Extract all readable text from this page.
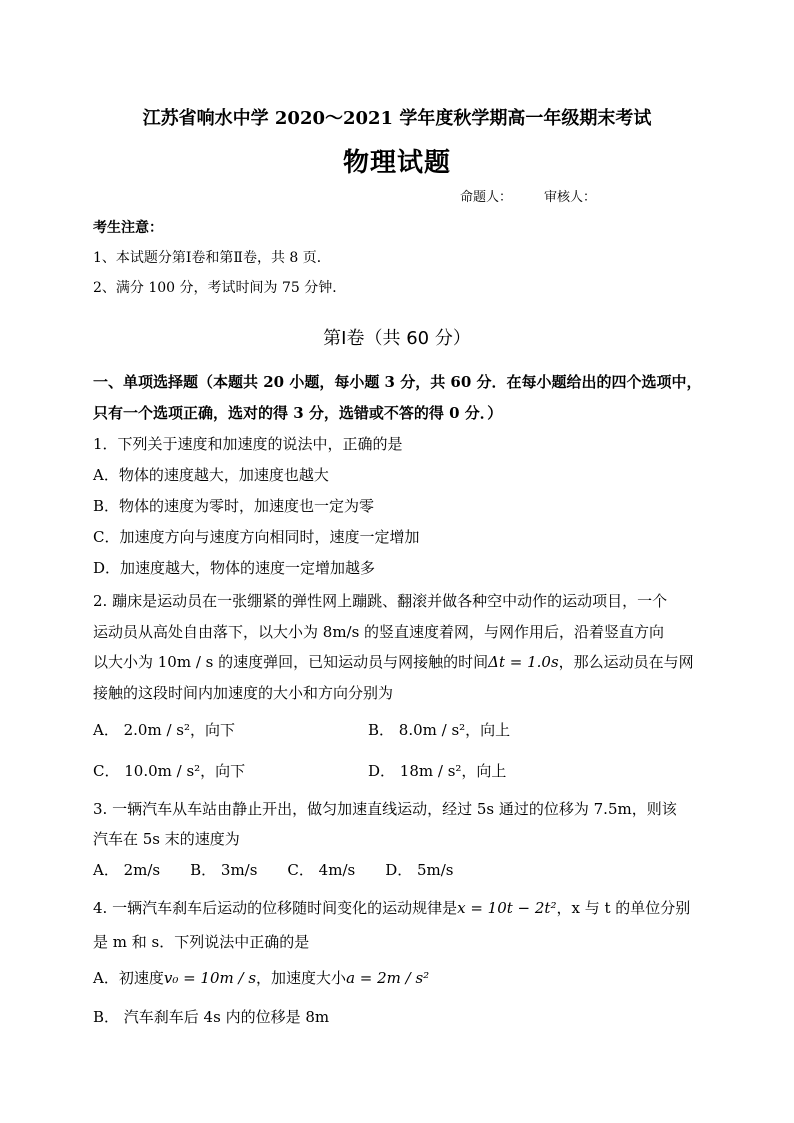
江苏省响水中学 2020～2021 学年度秋学期高一年级期末考试
物理试题
命题人： 审核人：
考生注意：
1、本试题分第Ⅰ卷和第Ⅱ卷，共 8 页．
2、满分 100 分，考试时间为 75 分钟．
第Ⅰ卷（共 60 分）
一、单项选择题（本题共 20 小题，每小题 3 分，共 60 分．在每小题给出的四个选项中，
只有一个选项正确，选对的得 3 分，选错或不答的得 0 分．）
1．下列关于速度和加速度的说法中，正确的是
A．物体的速度越大，加速度也越大
B．物体的速度为零时，加速度也一定为零
C．加速度方向与速度方向相同时，速度一定增加
D．加速度越大，物体的速度一定增加越多
2. 蹦床是运动员在一张绷紧的弹性网上蹦跳、翻滚并做各种空中动作的运动项目，一个
运动员从高处自由落下，以大小为 8m/s 的竖直速度着网，与网作用后，沿着竖直方向
以大小为 10m / s 的速度弹回，已知运动员与网接触的时间Δt = 1.0s，那么运动员在与网
接触的这段时间内加速度的大小和方向分别为
A． 2.0m / s²，向下	B． 8.0m / s²，向上
C． 10.0m / s²，向下	D． 18m / s²，向上
3. 一辆汽车从车站由静止开出，做匀加速直线运动，经过 5s 通过的位移为 7.5m，则该
汽车在 5s 末的速度为
A． 2m/s　　B． 3m/s　　C． 4m/s　　D． 5m/s
4. 一辆汽车刹车后运动的位移随时间变化的运动规律是x = 10t − 2t²，x 与 t 的单位分别
是 m 和 s．下列说法中正确的是
A．初速度v₀ = 10m / s，加速度大小a = 2m / s²
B． 汽车刹车后 4s 内的位移是 8m
